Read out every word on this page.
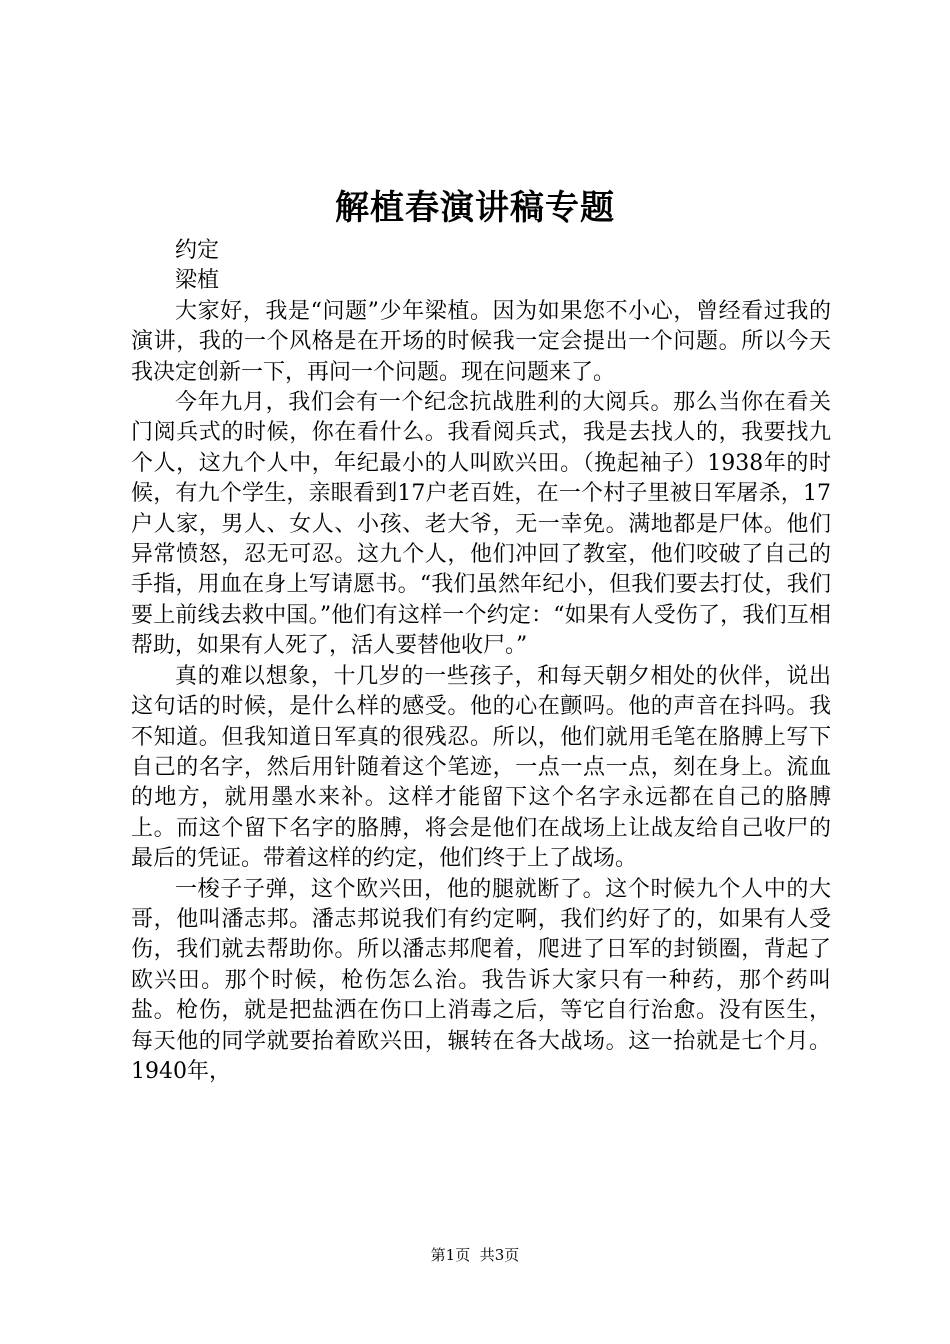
解植春演讲稿专题

约定

梁植

大家好，我是“问题”少年梁植。因为如果您不小心，曾经看过我的演讲，我的一个风格是在开场的时候我一定会提出一个问题。所以今天我决定创新一下，再问一个问题。现在问题来了。

今年九月，我们会有一个纪念抗战胜利的大阅兵。那么当你在看关门阅兵式的时候，你在看什么。我看阅兵式，我是去找人的，我要找九个人，这九个人中，年纪最小的人叫欧兴田。（挽起袖子）1938年的时候，有九个学生，亲眼看到17户老百姓，在一个村子里被日军屠杀，17户人家，男人、女人、小孩、老大爷，无一幸免。满地都是尸体。他们异常愤怒，忍无可忍。这九个人，他们冲回了教室，他们咬破了自己的手指，用血在身上写请愿书。“我们虽然年纪小，但我们要去打仗，我们要上前线去救中国。”他们有这样一个约定：“如果有人受伤了，我们互相帮助，如果有人死了，活人要替他收尸。”

真的难以想象，十几岁的一些孩子，和每天朝夕相处的伙伴，说出这句话的时候，是什么样的感受。他的心在颤吗。他的声音在抖吗。我不知道。但我知道日军真的很残忍。所以，他们就用毛笔在胳膊上写下自己的名字，然后用针随着这个笔迹，一点一点一点，刻在身上。流血的地方，就用墨水来补。这样才能留下这个名字永远都在自己的胳膊上。而这个留下名字的胳膊，将会是他们在战场上让战友给自己收尸的最后的凭证。带着这样的约定，他们终于上了战场。

一梭子子弹，这个欧兴田，他的腿就断了。这个时候九个人中的大哥，他叫潘志邦。潘志邦说我们有约定啊，我们约好了的，如果有人受伤，我们就去帮助你。所以潘志邦爬着，爬进了日军的封锁圈，背起了欧兴田。那个时候，枪伤怎么治。我告诉大家只有一种药，那个药叫盐。枪伤，就是把盐洒在伤口上消毒之后，等它自行治愈。没有医生，每天他的同学就要抬着欧兴田，辗转在各大战场。这一抬就是七个月。1940年，

第1页 共3页
